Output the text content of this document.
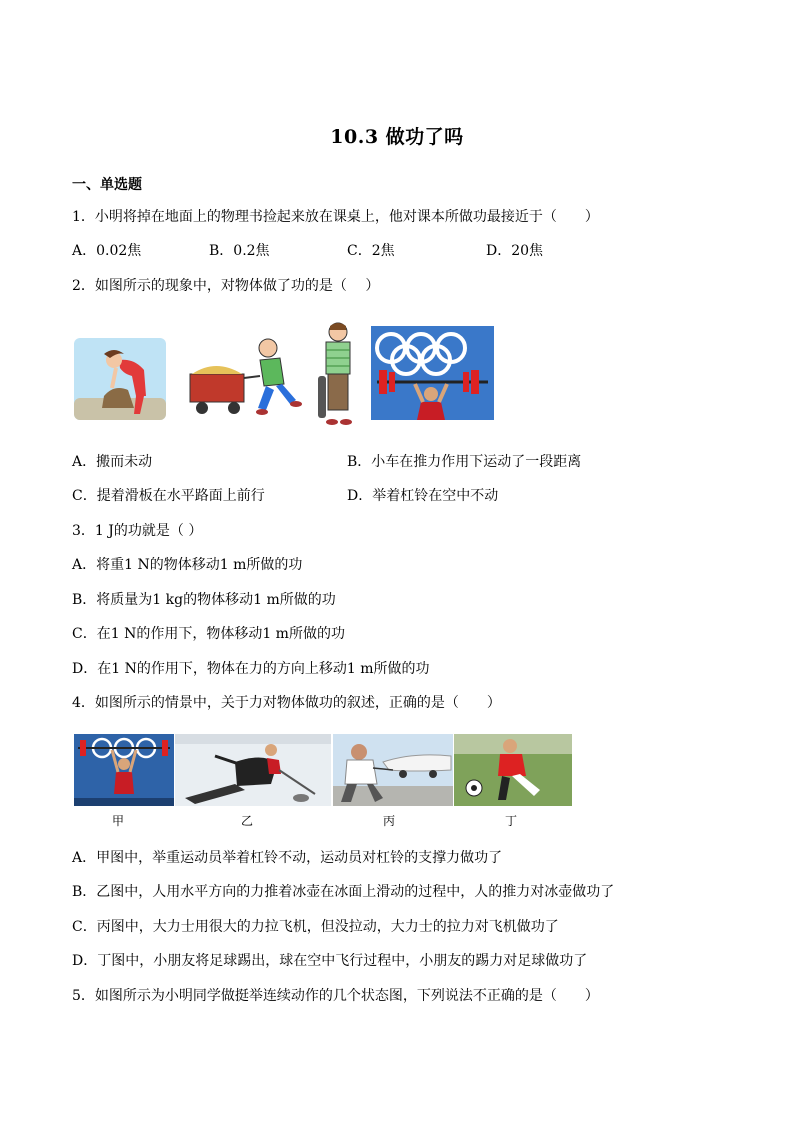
10.3 做功了吗
一、单选题
1．小明将掉在地面上的物理书捡起来放在课桌上，他对课本所做功最接近于（　　）
A．0.02焦	B．0.2焦	C．2焦	D．20焦
2．如图所示的现象中，对物体做了功的是（　 ）
A．搬而未动	B．小车在推力作用下运动了一段距离
C．提着滑板在水平路面上前行	D．举着杠铃在空中不动
3．1 J的功就是（ ）
A．将重1 N的物体移动1 m所做的功
B．将质量为1 kg的物体移动1 m所做的功
C．在1 N的作用下，物体移动1 m所做的功
D．在1 N的作用下，物体在力的方向上移动1 m所做的功
4．如图所示的情景中，关于力对物体做功的叙述，正确的是（　　）
甲	乙	丙	丁
A．甲图中，举重运动员举着杠铃不动，运动员对杠铃的支撑力做功了
B．乙图中，人用水平方向的力推着冰壶在冰面上滑动的过程中，人的推力对冰壶做功了
C．丙图中，大力士用很大的力拉飞机，但没拉动，大力士的拉力对飞机做功了
D．丁图中，小朋友将足球踢出，球在空中飞行过程中，小朋友的踢力对足球做功了
5．如图所示为小明同学做挺举连续动作的几个状态图，下列说法不正确的是（　　）
